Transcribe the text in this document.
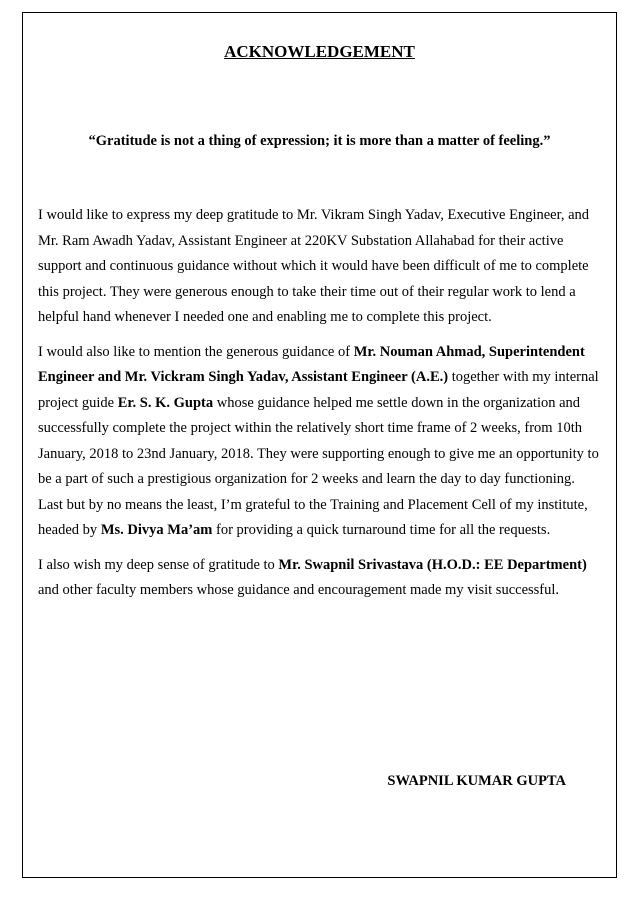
ACKNOWLEDGEMENT
“Gratitude is not a thing of expression; it is more than a matter of feeling.”

I would like to express my deep gratitude to Mr. Vikram Singh Yadav, Executive Engineer, and Mr. Ram Awadh Yadav, Assistant Engineer at 220KV Substation Allahabad for their active support and continuous guidance without which it would have been difficult of me to complete this project. They were generous enough to take their time out of their regular work to lend a helpful hand whenever I needed one and enabling me to complete this project.

I would also like to mention the generous guidance of Mr. Nouman Ahmad, Superintendent Engineer and Mr. Vickram Singh Yadav, Assistant Engineer (A.E.) together with my internal project guide Er. S. K. Gupta whose guidance helped me settle down in the organization and successfully complete the project within the relatively short time frame of 2 weeks, from 10th January, 2018 to 23nd January, 2018. They were supporting enough to give me an opportunity to be a part of such a prestigious organization for 2 weeks and learn the day to day functioning.

Last but by no means the least, I’m grateful to the Training and Placement Cell of my institute, headed by Ms. Divya Ma’am for providing a quick turnaround time for all the requests.

I also wish my deep sense of gratitude to Mr. Swapnil Srivastava (H.O.D.: EE Department) and other faculty members whose guidance and encouragement made my visit successful.

SWAPNIL KUMAR GUPTA
